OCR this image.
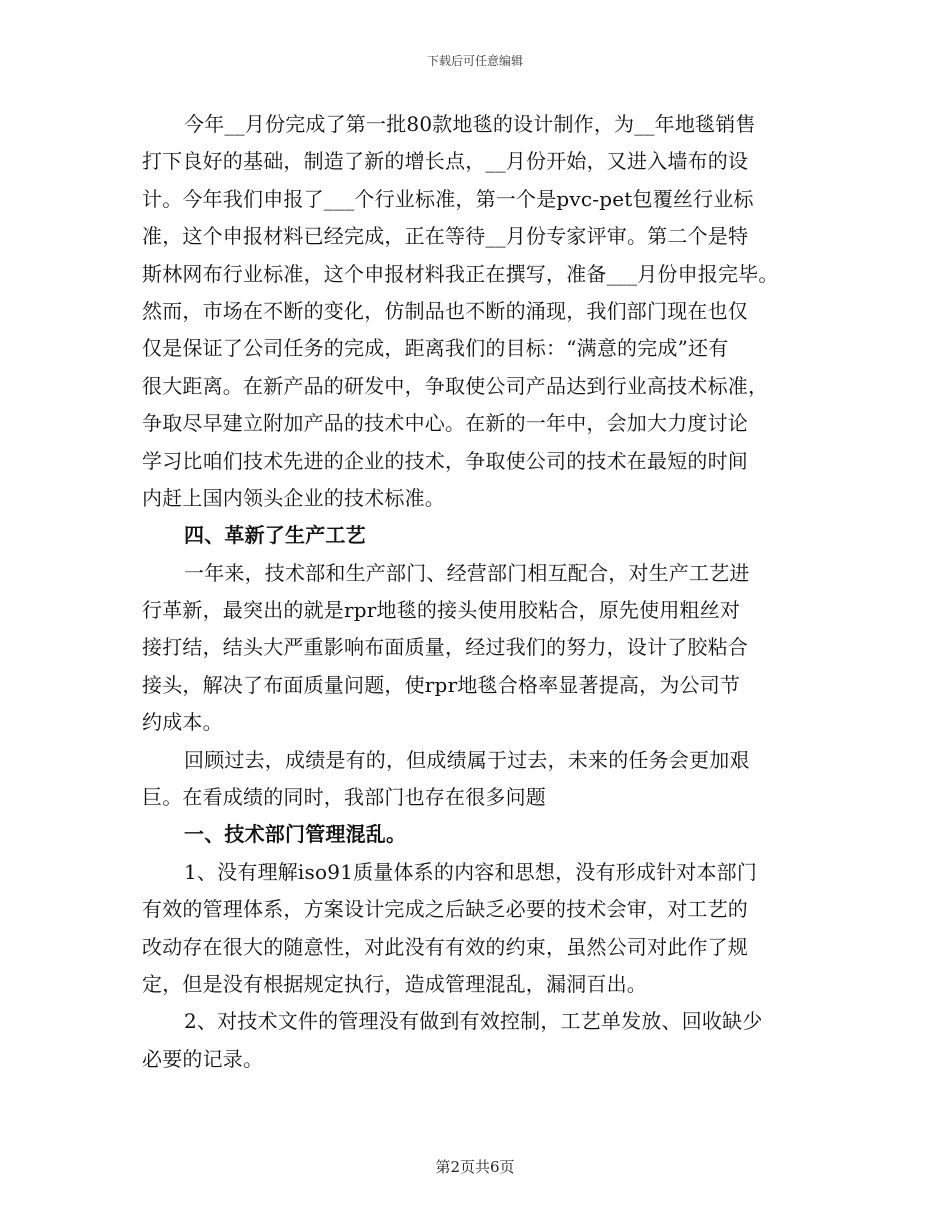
下载后可任意编辑
今年__月份完成了第一批80款地毯的设计制作，为__年地毯销售
打下良好的基础，制造了新的增长点，__月份开始，又进入墙布的设
计。今年我们申报了___个行业标准，第一个是pvc-pet包覆丝行业标
准，这个申报材料已经完成，正在等待__月份专家评审。第二个是特
斯林网布行业标准，这个申报材料我正在撰写，准备___月份申报完毕。
然而，市场在不断的变化，仿制品也不断的涌现，我们部门现在也仅
仅是保证了公司任务的完成，距离我们的目标：“满意的完成”还有
很大距离。在新产品的研发中，争取使公司产品达到行业高技术标准，
争取尽早建立附加产品的技术中心。在新的一年中，会加大力度讨论
学习比咱们技术先进的企业的技术，争取使公司的技术在最短的时间
内赶上国内领头企业的技术标准。
四、革新了生产工艺
一年来，技术部和生产部门、经营部门相互配合，对生产工艺进
行革新，最突出的就是rpr地毯的接头使用胶粘合，原先使用粗丝对
接打结，结头大严重影响布面质量，经过我们的努力，设计了胶粘合
接头，解决了布面质量问题，使rpr地毯合格率显著提高，为公司节
约成本。
回顾过去，成绩是有的，但成绩属于过去，未来的任务会更加艰
巨。在看成绩的同时，我部门也存在很多问题
一、技术部门管理混乱。
1、没有理解iso91质量体系的内容和思想，没有形成针对本部门
有效的管理体系，方案设计完成之后缺乏必要的技术会审，对工艺的
改动存在很大的随意性，对此没有有效的约束，虽然公司对此作了规
定，但是没有根据规定执行，造成管理混乱，漏洞百出。
2、对技术文件的管理没有做到有效控制，工艺单发放、回收缺少
必要的记录。
第2页共6页
